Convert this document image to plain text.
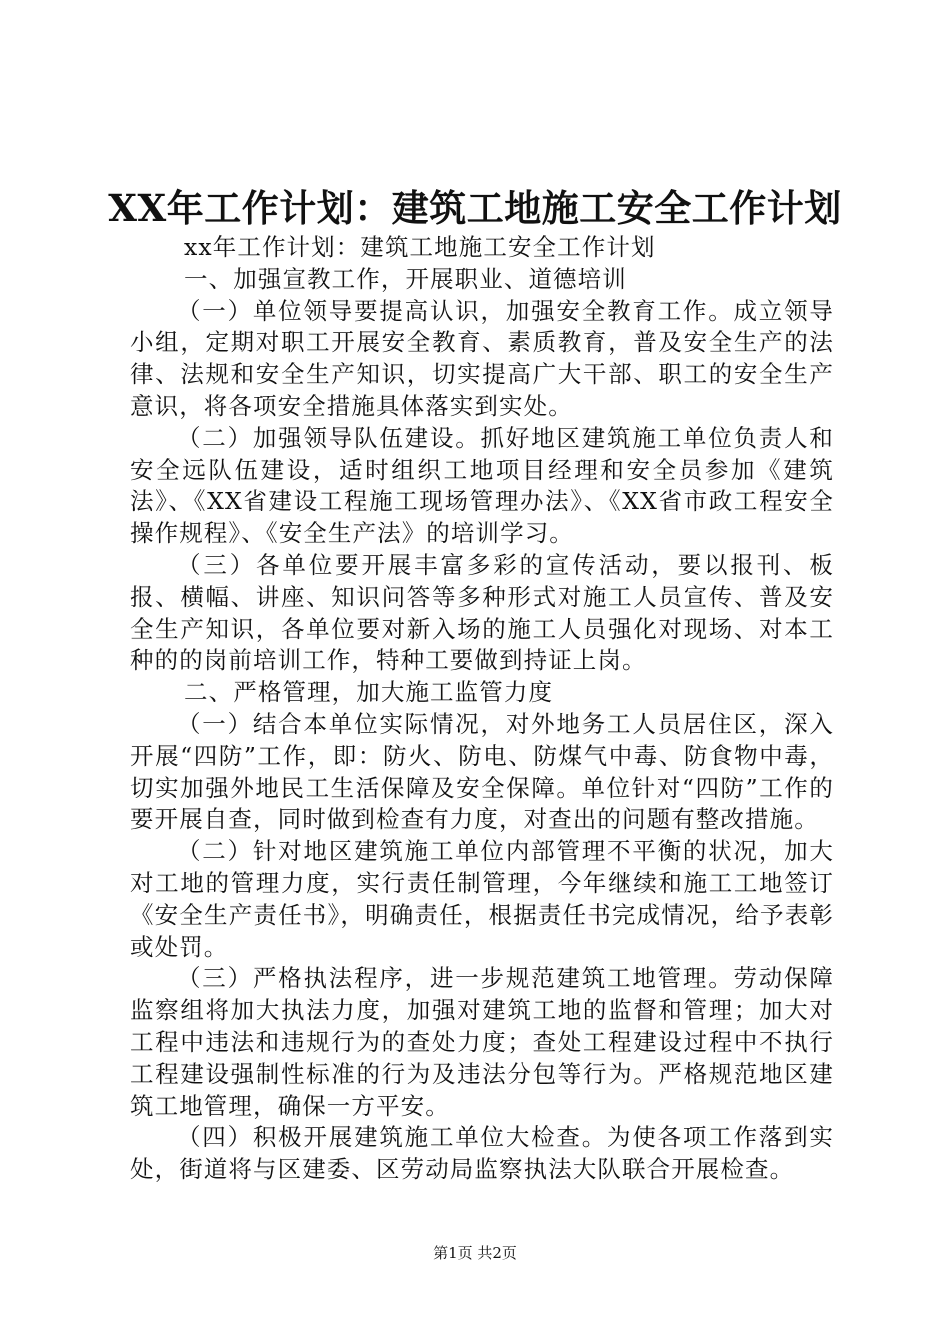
XX年工作计划：建筑工地施工安全工作计划

xx年工作计划：建筑工地施工安全工作计划

一、加强宣教工作，开展职业、道德培训

（一）单位领导要提高认识，加强安全教育工作。成立领导小组，定期对职工开展安全教育、素质教育，普及安全生产的法律、法规和安全生产知识，切实提高广大干部、职工的安全生产意识，将各项安全措施具体落实到实处。

（二）加强领导队伍建设。抓好地区建筑施工单位负责人和安全远队伍建设，适时组织工地项目经理和安全员参加《建筑法》、《XX省建设工程施工现场管理办法》、《XX省市政工程安全操作规程》、《安全生产法》的培训学习。

（三）各单位要开展丰富多彩的宣传活动，要以报刊、板报、横幅、讲座、知识问答等多种形式对施工人员宣传、普及安全生产知识，各单位要对新入场的施工人员强化对现场、对本工种的的岗前培训工作，特种工要做到持证上岗。

二、严格管理，加大施工监管力度

（一）结合本单位实际情况，对外地务工人员居住区，深入开展“四防”工作，即：防火、防电、防煤气中毒、防食物中毒，切实加强外地民工生活保障及安全保障。单位针对“四防”工作的要开展自查，同时做到检查有力度，对查出的问题有整改措施。

（二）针对地区建筑施工单位内部管理不平衡的状况，加大对工地的管理力度，实行责任制管理，今年继续和施工工地签订《安全生产责任书》，明确责任，根据责任书完成情况，给予表彰或处罚。

（三）严格执法程序，进一步规范建筑工地管理。劳动保障监察组将加大执法力度，加强对建筑工地的监督和管理；加大对工程中违法和违规行为的查处力度；查处工程建设过程中不执行工程建设强制性标准的行为及违法分包等行为。严格规范地区建筑工地管理，确保一方平安。

（四）积极开展建筑施工单位大检查。为使各项工作落到实处，街道将与区建委、区劳动局监察执法大队联合开展检查。

第1页 共2页
